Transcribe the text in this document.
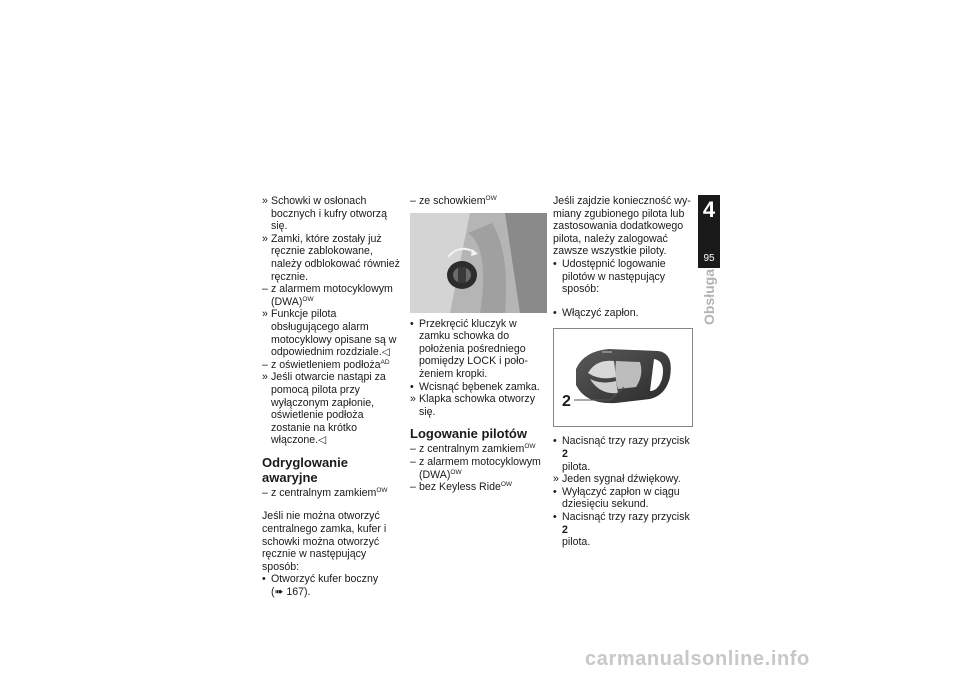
» Schowki w osłonach bocznych i kufry otworzą się.
» Zamki, które zostały już ręcznie zablokowane, należy odblokować również ręcznie.
– z alarmem motocyklowym (DWA)$^{OW}$
» Funkcje pilota obsługującego alarm motocyklowy opisane są w odpowiednim rozdziale.◁
– z oświetleniem podłoża$^{AD}$
» Jeśli otwarcie nastąpi za pomocą pilota przy wyłączonym zapłonie, oświetlenie podłoża zostanie na krótko włączone.◁
Odryglowanie awaryjne
– z centralnym zamkiem$^{OW}$

Jeśli nie można otworzyć centralnego zamka, kufer i schowki można otworzyć ręcznie w następujący sposób:

• Otworzyć kufer boczny
(➠ 167).
– ze schowkiem$^{OW}$
• Przekręcić kluczyk w zamku schowka do położenia pośredniego pomiędzy LOCK i położeniem kropki.
• Wcisnąć bębenek zamka.
» Klapka schowka otworzy się.
Logowanie pilotów
– z centralnym zamkiem$^{OW}$
– z alarmem motocyklowym (DWA)$^{OW}$
– bez Keyless Ride$^{OW}$

Jeśli zajdzie konieczność wymiany zgubionego pilota lub zastosowania dodatkowego pilota, należy zalogować zawsze wszystkie piloty.

• Udostępnić logowanie pilotów w następujący sposób:
• Włączyć zapłon.
2
• Nacisnąć trzy razy przycisk 2
pilota.
» Jeden sygnał dźwiękowy.
• Wyłączyć zapłon w ciągu dziesięciu sekund.
• Nacisnąć trzy razy przycisk 2
pilota.
4
95
Obsługa
carmanualsonline.info
